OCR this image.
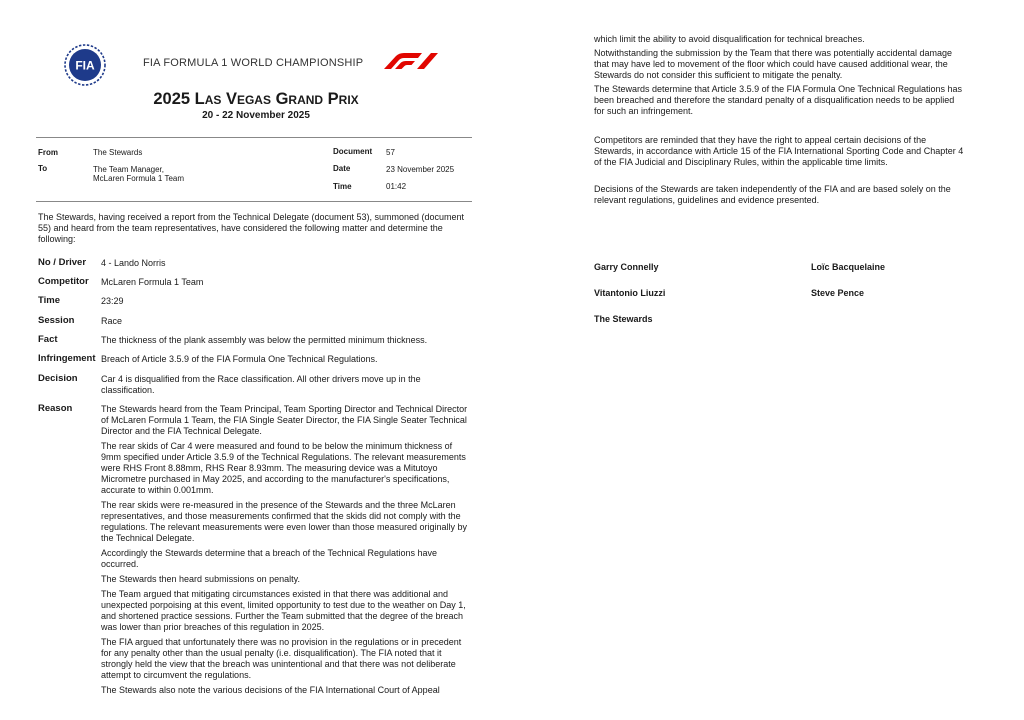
FIA	FIA FORMULA 1 WORLD CHAMPIONSHIP
2025 Las Vegas Grand Prix
20 - 22 November 2025
From	The Stewards
To	The Team Manager,
McLaren Formula 1 Team
Document 57
Date	23 November 2025
Time	01:42
The Stewards, having received a report from the Technical Delegate (document 53), summoned (document 55) and heard from the team representatives, have considered the following matter and determine the following:
No / Driver 4 - Lando Norris
Competitor McLaren Formula 1 Team
Time	23:29
Session	Race
Fact	The thickness of the plank assembly was below the permitted minimum thickness.
Infringement Breach of Article 3.5.9 of the FIA Formula One Technical Regulations.
Decision	Car 4 is disqualified from the Race classification. All other drivers move up in the classification.
Reason	The Stewards heard from the Team Principal, Team Sporting Director and Technical Director of McLaren Formula 1 Team, the FIA Single Seater Director, the FIA Single Seater Technical Director and the FIA Technical Delegate.

The rear skids of Car 4 were measured and found to be below the minimum thickness of 9mm specified under Article 3.5.9 of the Technical Regulations. The relevant measurements were RHS Front 8.88mm, RHS Rear 8.93mm. The measuring device was a Mitutoyo Micrometre purchased in May 2025, and according to the manufacturer's specifications, accurate to within 0.001mm.

The rear skids were re-measured in the presence of the Stewards and the three McLaren representatives, and those measurements confirmed that the skids did not comply with the regulations. The relevant measurements were even lower than those measured originally by the Technical Delegate.

Accordingly the Stewards determine that a breach of the Technical Regulations have occurred.

The Stewards then heard submissions on penalty.

The Team argued that mitigating circumstances existed in that there was additional and unexpected porpoising at this event, limited opportunity to test due to the weather on Day 1, and shortened practice sessions. Further the Team submitted that the degree of the breach was lower than prior breaches of this regulation in 2025.

The FIA argued that unfortunately there was no provision in the regulations or in precedent for any penalty other than the usual penalty (i.e. disqualification). The FIA noted that it strongly held the view that the breach was unintentional and that there was not deliberate attempt to circumvent the regulations.

The Stewards also note the various decisions of the FIA International Court of Appeal

which limit the ability to avoid disqualification for technical breaches.

Notwithstanding the submission by the Team that there was potentially accidental damage that may have led to movement of the floor which could have caused additional wear, the Stewards do not consider this sufficient to mitigate the penalty.

The Stewards determine that Article 3.5.9 of the FIA Formula One Technical Regulations has been breached and therefore the standard penalty of a disqualification needs to be applied for such an infringement.

Competitors are reminded that they have the right to appeal certain decisions of the Stewards, in accordance with Article 15 of the FIA International Sporting Code and Chapter 4 of the FIA Judicial and Disciplinary Rules, within the applicable time limits.
Decisions of the Stewards are taken independently of the FIA and are based solely on the relevant regulations, guidelines and evidence presented.
Garry Connelly	Loïc Bacquelaine
Vitantonio Liuzzi	Steve Pence
The Stewards
